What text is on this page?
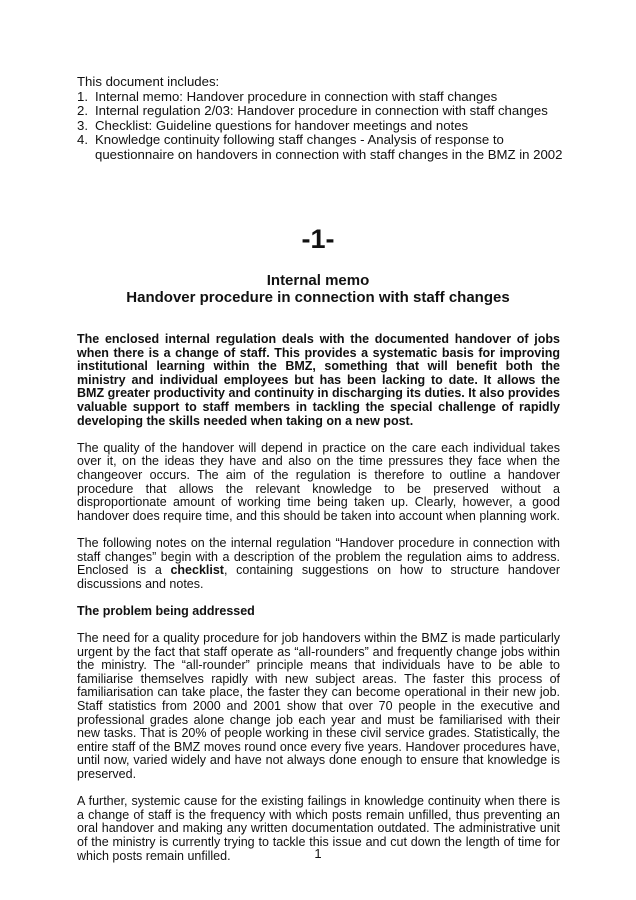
This document includes:
1. Internal memo: Handover procedure in connection with staff changes
2. Internal regulation 2/03: Handover procedure in connection with staff changes
3. Checklist: Guideline questions for handover meetings and notes
4. Knowledge continuity following staff changes - Analysis of response to questionnaire on handovers in connection with staff changes in the BMZ in 2002
-1-
Internal memo
Handover procedure in connection with staff changes

The enclosed internal regulation deals with the documented handover of jobs when there is a change of staff. This provides a systematic basis for improving institutional learning within the BMZ, something that will benefit both the ministry and individual employees but has been lacking to date. It allows the BMZ greater productivity and continuity in discharging its duties. It also provides valuable support to staff members in tackling the special challenge of rapidly developing the skills needed when taking on a new post.

The quality of the handover will depend in practice on the care each individual takes over it, on the ideas they have and also on the time pressures they face when the changeover occurs. The aim of the regulation is therefore to outline a handover procedure that allows the relevant knowledge to be preserved without a disproportionate amount of working time being taken up. Clearly, however, a good handover does require time, and this should be taken into account when planning work.

The following notes on the internal regulation “Handover procedure in connection with staff changes” begin with a description of the problem the regulation aims to address. Enclosed is a checklist, containing suggestions on how to structure handover discussions and notes.

The problem being addressed

The need for a quality procedure for job handovers within the BMZ is made particularly urgent by the fact that staff operate as “all-rounders” and frequently change jobs within the ministry. The “all-rounder” principle means that individuals have to be able to familiarise themselves rapidly with new subject areas. The faster this process of familiarisation can take place, the faster they can become operational in their new job. Staff statistics from 2000 and 2001 show that over 70 people in the executive and professional grades alone change job each year and must be familiarised with their new tasks. That is 20% of people working in these civil service grades. Statistically, the entire staff of the BMZ moves round once every five years. Handover procedures have, until now, varied widely and have not always done enough to ensure that knowledge is preserved.

A further, systemic cause for the existing failings in knowledge continuity when there is a change of staff is the frequency with which posts remain unfilled, thus preventing an oral handover and making any written documentation outdated. The administrative unit of the ministry is currently trying to tackle this issue and cut down the length of time for which posts remain unfilled.	1
